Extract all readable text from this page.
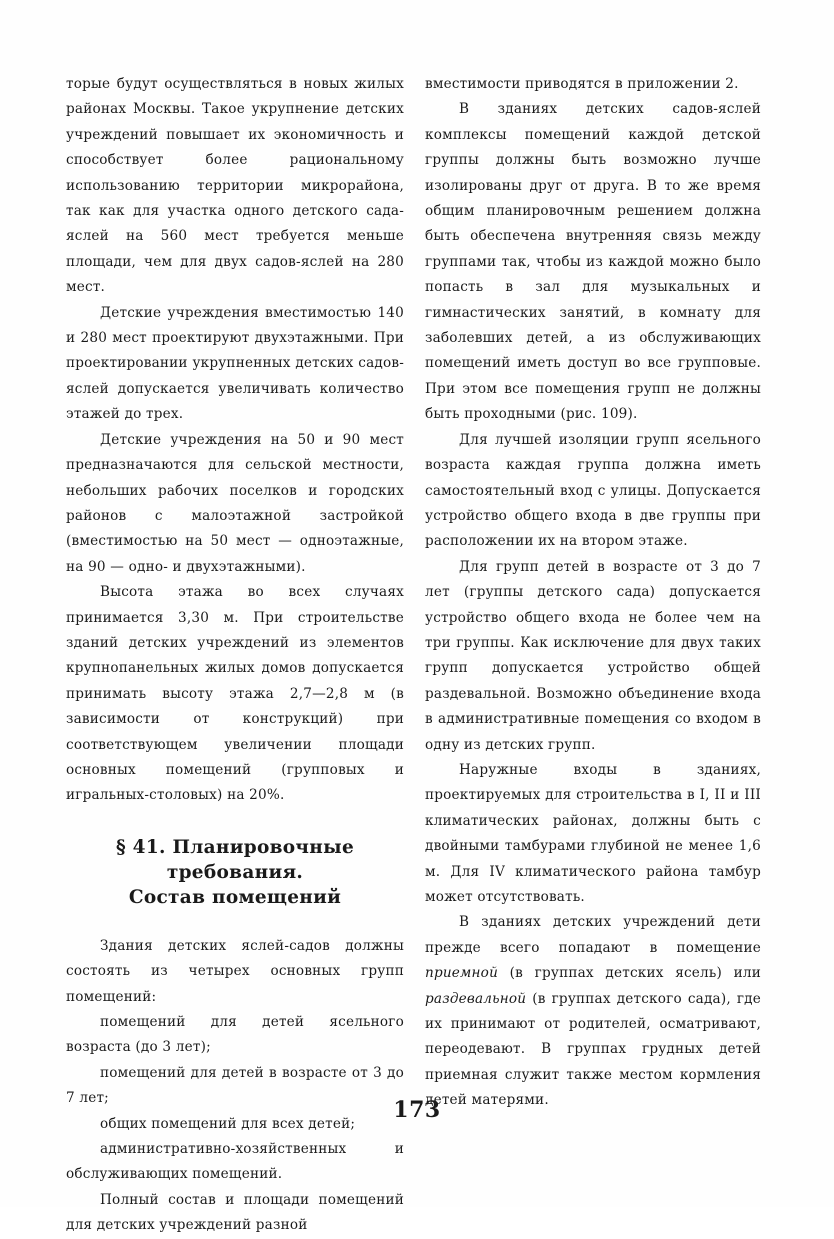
торые будут осуществляться в новых жилых районах Москвы. Такое укрупнение детских учреждений повышает их экономичность и способствует более рациональному использованию территории микрорайона, так как для участка одного детского сада-яслей на 560 мест требуется меньше площади, чем для двух садов-яслей на 280 мест.

Детские учреждения вместимостью 140 и 280 мест проектируют двухэтажными. При проектировании укрупненных детских садов-яслей допускается увеличивать количество этажей до трех.

Детские учреждения на 50 и 90 мест предназначаются для сельской местности, небольших рабочих поселков и городских районов с малоэтажной застройкой (вместимостью на 50 мест — одноэтажные, на 90 — одно- и двухэтажными).

Высота этажа во всех случаях принимается 3,30 м. При строительстве зданий детских учреждений из элементов крупнопанельных жилых домов допускается принимать высоту этажа 2,7—2,8 м (в зависимости от конструкций) при соответствующем увеличении площади основных помещений (групповых и игральных-столовых) на 20%.

§ 41. Планировочные
требования.
Состав помещений

Здания детских яслей-садов должны состоять из четырех основных групп помещений:

помещений для детей ясельного возраста (до 3 лет);

помещений для детей в возрасте от 3 до 7 лет;

общих помещений для всех детей;

административно-хозяйственных и обслуживающих помещений.

Полный состав и площади помещений для детских учреждений разной

вместимости приводятся в приложении 2.

В зданиях детских садов-яслей комплексы помещений каждой детской группы должны быть возможно лучше изолированы друг от друга. В то же время общим планировочным решением должна быть обеспечена внутренняя связь между группами так, чтобы из каждой можно было попасть в зал для музыкальных и гимнастических занятий, в комнату для заболевших детей, а из обслуживающих помещений иметь доступ во все групповые. При этом все помещения групп не должны быть проходными (рис. 109).

Для лучшей изоляции групп ясельного возраста каждая группа должна иметь самостоятельный вход с улицы. Допускается устройство общего входа в две группы при расположении их на втором этаже.

Для групп детей в возрасте от 3 до 7 лет (группы детского сада) допускается устройство общего входа не более чем на три группы. Как исключение для двух таких групп допускается устройство общей раздевальной. Возможно объединение входа в административные помещения со входом в одну из детских групп.

Наружные входы в зданиях, проектируемых для строительства в I, II и III климатических районах, должны быть с двойными тамбурами глубиной не менее 1,6 м. Для IV климатического района тамбур может отсутствовать.

В зданиях детских учреждений дети прежде всего попадают в помещение приемной (в группах детских ясель) или раздевальной (в группах детского сада), где их принимают от родителей, осматривают, переодевают. В группах грудных детей приемная служит также местом кормления детей матерями.

173
